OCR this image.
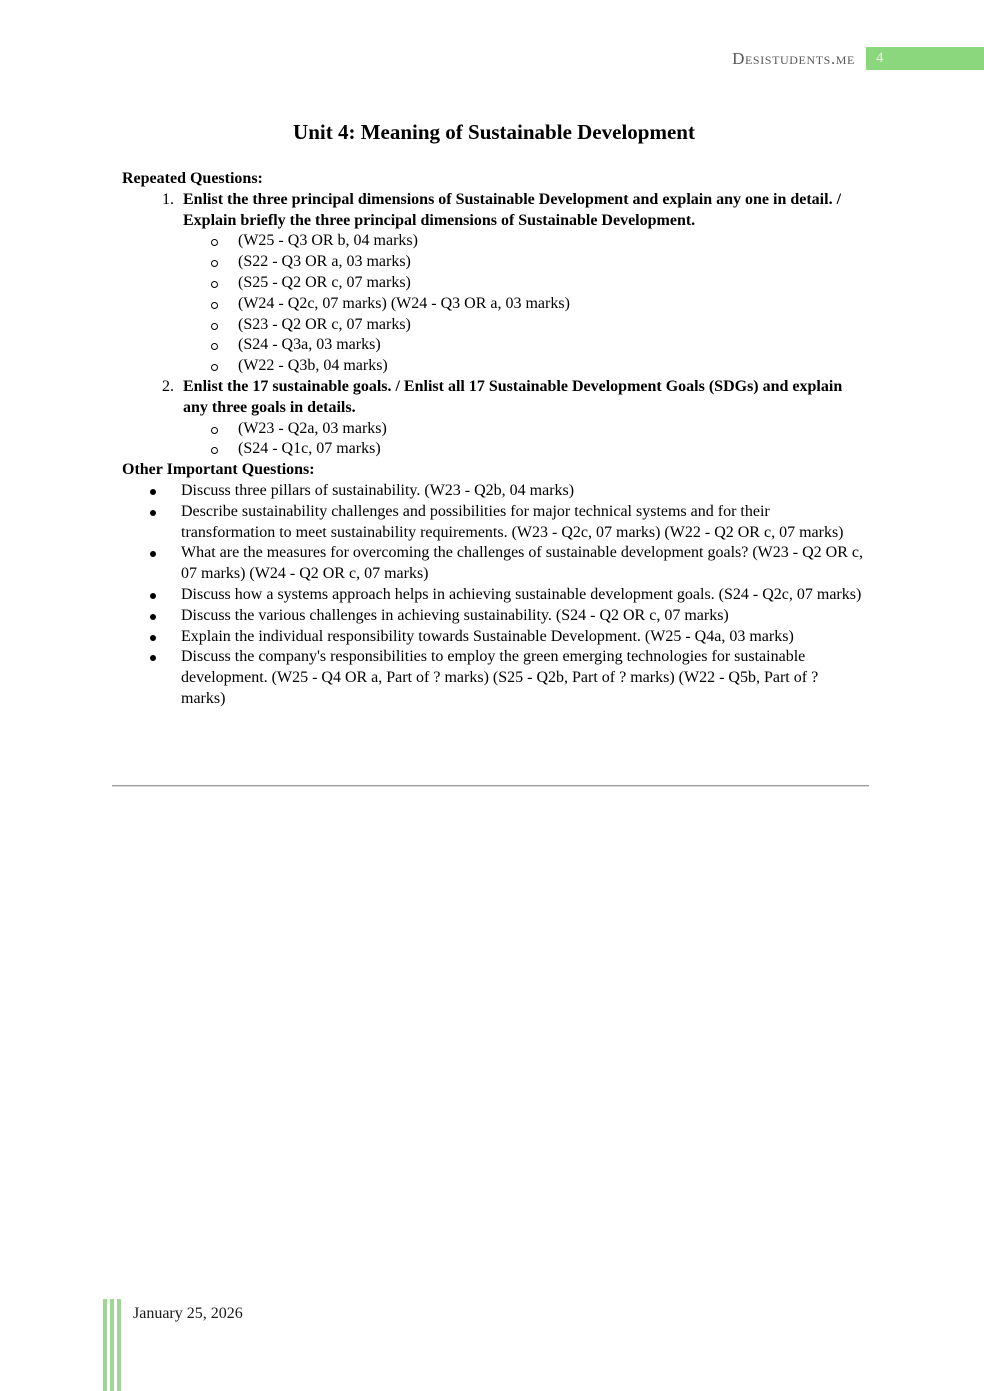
Desistudents.me	4
Unit 4: Meaning of Sustainable Development
Repeated Questions:
1. Enlist the three principal dimensions of Sustainable Development and explain any one in detail. / Explain briefly the three principal dimensions of Sustainable Development.
(W25 - Q3 OR b, 04 marks)
(S22 - Q3 OR a, 03 marks)
(S25 - Q2 OR c, 07 marks)
(W24 - Q2c, 07 marks) (W24 - Q3 OR a, 03 marks)
(S23 - Q2 OR c, 07 marks)
(S24 - Q3a, 03 marks)
(W22 - Q3b, 04 marks)
2. Enlist the 17 sustainable goals. / Enlist all 17 Sustainable Development Goals (SDGs) and explain any three goals in details.
(W23 - Q2a, 03 marks)
(S24 - Q1c, 07 marks)
Other Important Questions:
Discuss three pillars of sustainability. (W23 - Q2b, 04 marks)
Describe sustainability challenges and possibilities for major technical systems and for their transformation to meet sustainability requirements. (W23 - Q2c, 07 marks) (W22 - Q2 OR c, 07 marks)
What are the measures for overcoming the challenges of sustainable development goals? (W23 - Q2 OR c, 07 marks) (W24 - Q2 OR c, 07 marks)
Discuss how a systems approach helps in achieving sustainable development goals. (S24 - Q2c, 07 marks)
Discuss the various challenges in achieving sustainability. (S24 - Q2 OR c, 07 marks)
Explain the individual responsibility towards Sustainable Development. (W25 - Q4a, 03 marks)
Discuss the company's responsibilities to employ the green emerging technologies for sustainable development. (W25 - Q4 OR a, Part of ? marks) (S25 - Q2b, Part of ? marks) (W22 - Q5b, Part of ? marks)
January 25, 2026
